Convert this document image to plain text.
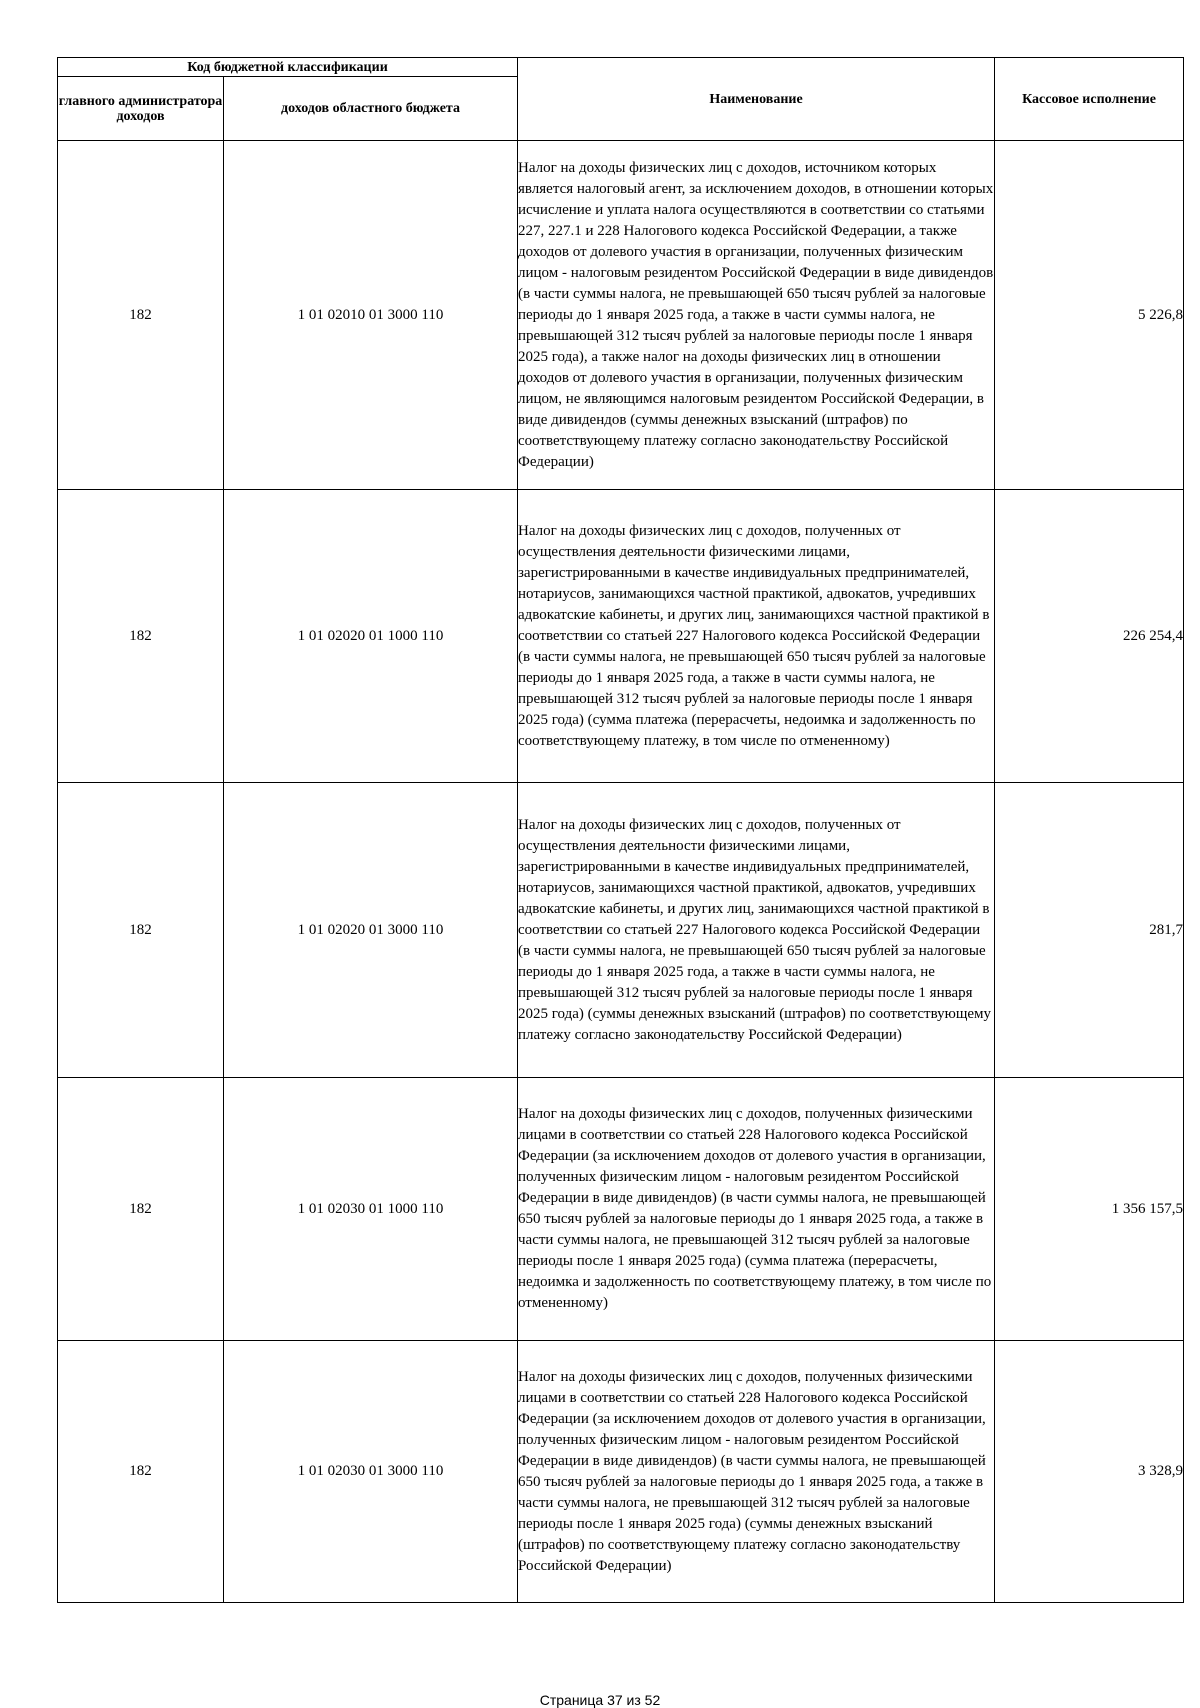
Код бюджетной классификации		Наименование	Кассовое исполнение
главного администратора доходов	доходов областного бюджета		
182	1 01 02010 01 3000 110	Налог на доходы физических лиц с доходов, источником которых является налоговый агент, за исключением доходов, в отношении которых исчисление и уплата налога осуществляются в соответствии со статьями 227, 227.1 и 228 Налогового кодекса Российской Федерации, а также доходов от долевого участия в организации, полученных физическим лицом - налоговым резидентом Российской Федерации в виде дивидендов (в части суммы налога, не превышающей 650 тысяч рублей за налоговые периоды до 1 января 2025 года, а также в части суммы налога, не превышающей 312 тысяч рублей за налоговые периоды после 1 января 2025 года), а также налог на доходы физических лиц в отношении доходов от долевого участия в организации, полученных физическим лицом, не являющимся налоговым резидентом Российской Федерации, в виде дивидендов (суммы денежных взысканий (штрафов) по соответствующему платежу согласно законодательству Российской Федерации)	5 226,8
182	1 01 02020 01 1000 110	Налог на доходы физических лиц с доходов, полученных от осуществления деятельности физическими лицами, зарегистрированными в качестве индивидуальных предпринимателей, нотариусов, занимающихся частной практикой, адвокатов, учредивших адвокатские кабинеты, и других лиц, занимающихся частной практикой в соответствии со статьей 227 Налогового кодекса Российской Федерации (в части суммы налога, не превышающей 650 тысяч рублей за налоговые периоды до 1 января 2025 года, а также в части суммы налога, не превышающей 312 тысяч рублей за налоговые периоды после 1 января 2025 года) (сумма платежа (перерасчеты, недоимка и задолженность по соответствующему платежу, в том числе по отмененному)	226 254,4
182	1 01 02020 01 3000 110	Налог на доходы физических лиц с доходов, полученных от осуществления деятельности физическими лицами, зарегистрированными в качестве индивидуальных предпринимателей, нотариусов, занимающихся частной практикой, адвокатов, учредивших адвокатские кабинеты, и других лиц, занимающихся частной практикой в соответствии со статьей 227 Налогового кодекса Российской Федерации (в части суммы налога, не превышающей 650 тысяч рублей за налоговые периоды до 1 января 2025 года, а также в части суммы налога, не превышающей 312 тысяч рублей за налоговые периоды после 1 января 2025 года) (суммы денежных взысканий (штрафов) по соответствующему платежу согласно законодательству Российской Федерации)	281,7
182	1 01 02030 01 1000 110	Налог на доходы физических лиц с доходов, полученных физическими лицами в соответствии со статьей 228 Налогового кодекса Российской Федерации (за исключением доходов от долевого участия в организации, полученных физическим лицом - налоговым резидентом Российской Федерации в виде дивидендов) (в части суммы налога, не превышающей 650 тысяч рублей за налоговые периоды до 1 января 2025 года, а также в части суммы налога, не превышающей 312 тысяч рублей за налоговые периоды после 1 января 2025 года) (сумма платежа (перерасчеты, недоимка и задолженность по соответствующему платежу, в том числе по отмененному)	1 356 157,5
182	1 01 02030 01 3000 110	Налог на доходы физических лиц с доходов, полученных физическими лицами в соответствии со статьей 228 Налогового кодекса Российской Федерации (за исключением доходов от долевого участия в организации, полученных физическим лицом - налоговым резидентом Российской Федерации в виде дивидендов) (в части суммы налога, не превышающей 650 тысяч рублей за налоговые периоды до 1 января 2025 года, а также в части суммы налога, не превышающей 312 тысяч рублей за налоговые периоды после 1 января 2025 года) (суммы денежных взысканий (штрафов) по соответствующему платежу согласно законодательству Российской Федерации)	3 328,9
Страница 37 из 52
